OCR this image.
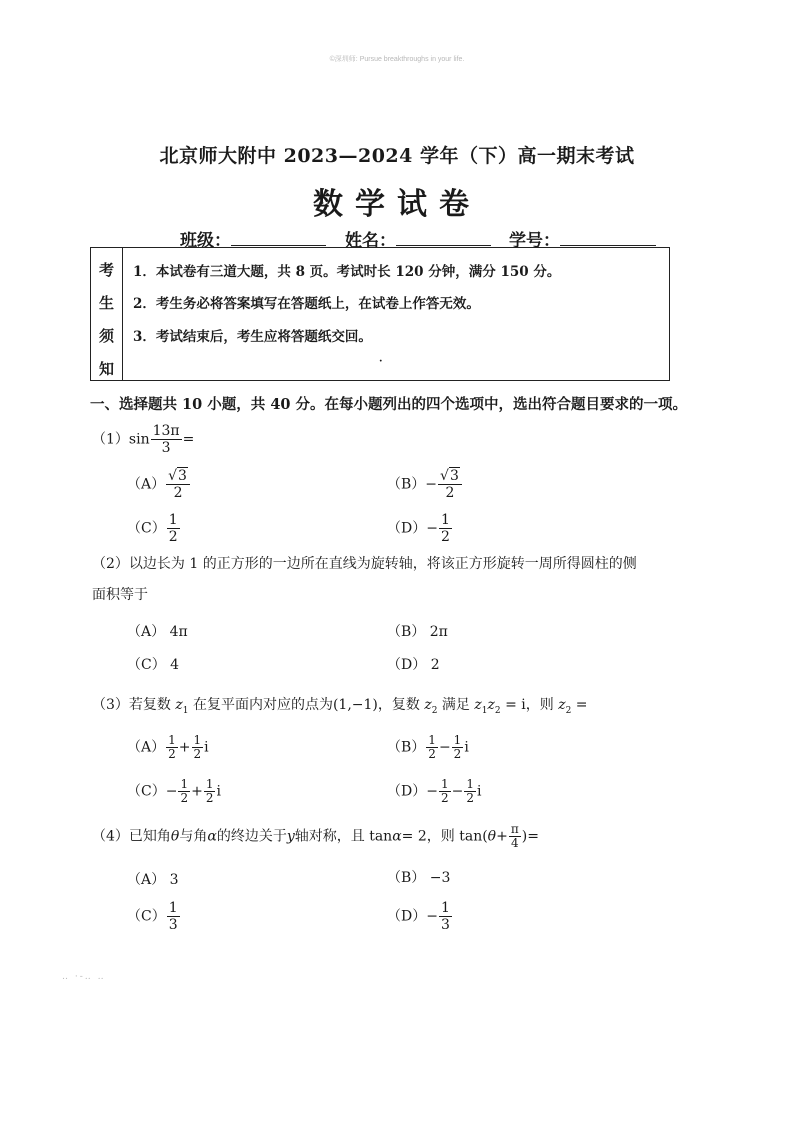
©深圳师: Pursue breakthroughs in your life.
北京师大附中 2023—2024 学年（下）高一期末考试
数学试卷
班级：	姓名：	学号：
考
生
须
知
1．本试卷有三道大题，共 8 页。考试时长 120 分钟，满分 150 分。
2．考生务必将答案填写在答题纸上，在试卷上作答无效。
3．考试结束后，考生应将答题纸交回。
·
一、选择题共 10 小题，共 40 分。在每小题列出的四个选项中，选出符合题目要求的一项。
$(1)\sin \frac{13\pi}{3}$ =
$(A) \frac{√3}{2}$	$(B)- \frac{√3}{2}$
$(C) \frac{1}{2}$	$(D)- \frac{1}{2}$
（2）以边长为 1 的正方形的一边所在直线为旋转轴，将该正方形旋转一周所得圆柱的侧
面积等于
（A） 4π	（B） 2π
（C） 4	（D） 2
（3）若复数 $z_1$ 在复平面内对应的点为(1,−1)，复数 $z_2$ 满足 $z_1z_2 = i$，则 $z_2$ =
$(A) \frac{1}{2} + \frac{1}{2}$ i	$(B) \frac{1}{2} - \frac{1}{2}$ i
$(C)- \frac{1}{2} + \frac{1}{2}$ i	$(D)- \frac{1}{2} - \frac{1}{2}$ i
（4）已知角θ与角α的终边关于y轴对称，且 tanα= 2，则 $\tan(\theta+ \frac{\pi}{4}$ )=
（A） 3	（B） −3
$(C) \frac{1}{3}$	$(D)- \frac{1}{3}$
‥ ·-‥ ‥
